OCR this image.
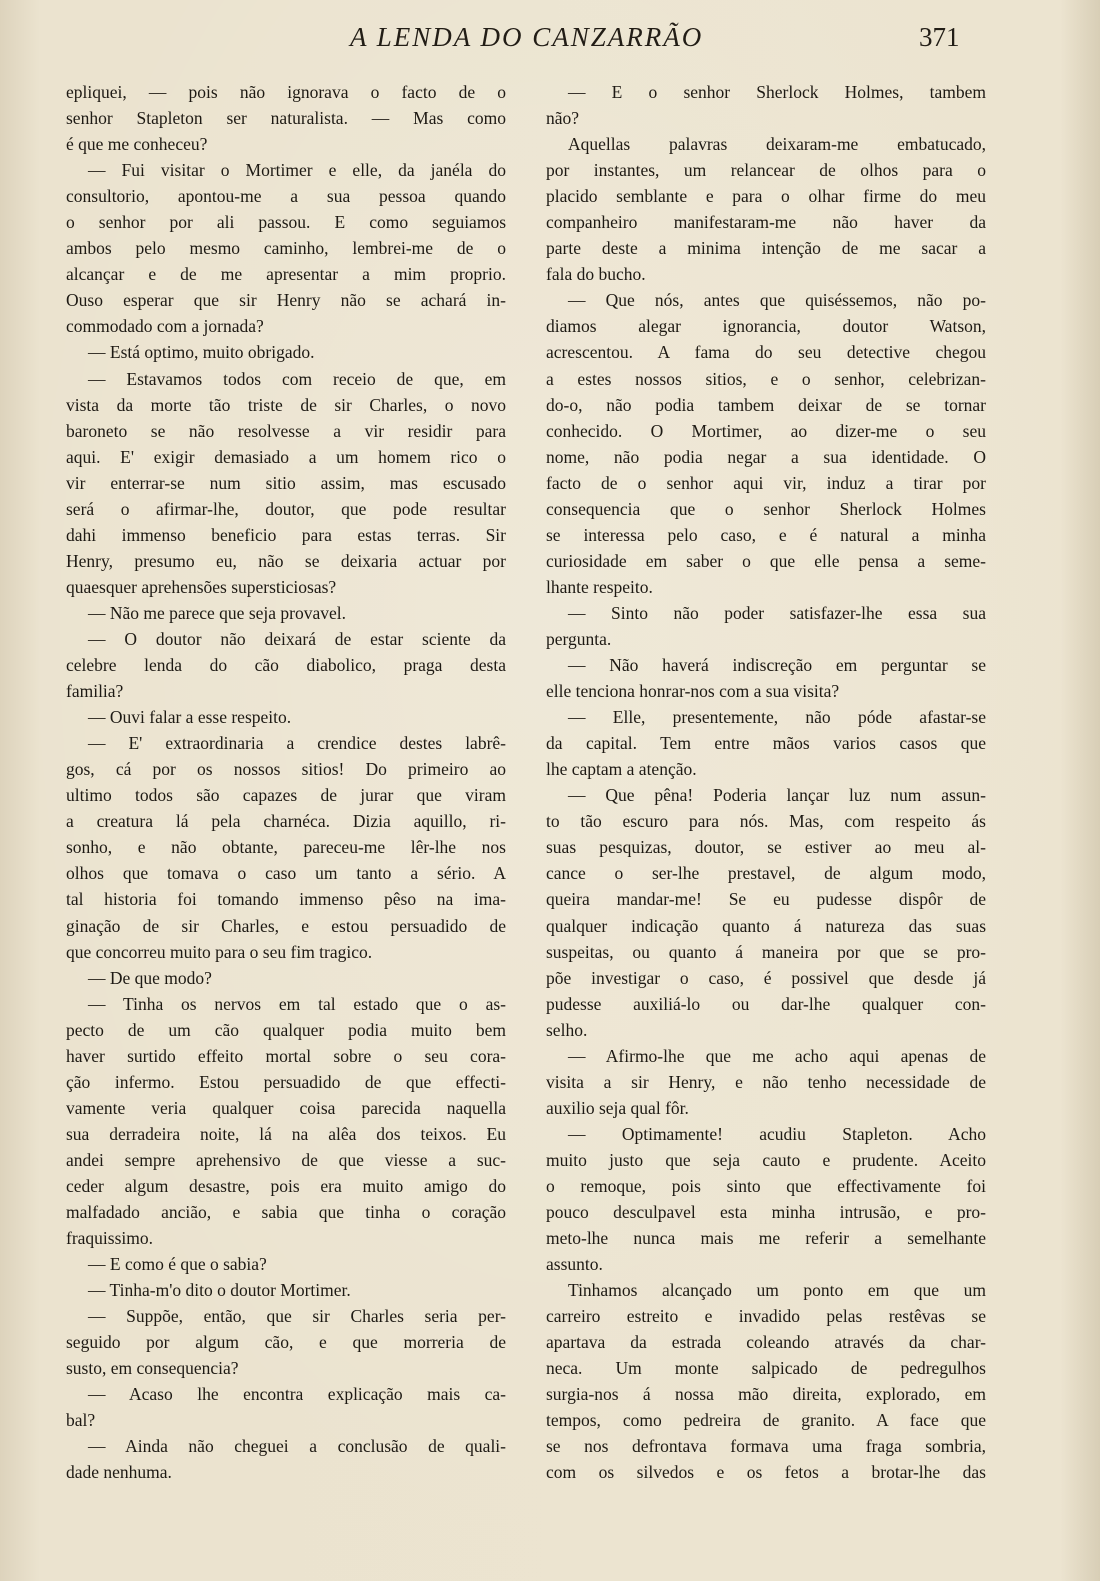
A LENDA DO CANZARRÃO	371
epliquei, — pois não ignorava o facto de o
senhor Stapleton ser naturalista. — Mas como
é que me conheceu?
— Fui visitar o Mortimer e elle, da janéla do
consultorio, apontou-me a sua pessoa quando
o senhor por ali passou. E como seguiamos
ambos pelo mesmo caminho, lembrei-me de o
alcançar e de me apresentar a mim proprio.
Ouso esperar que sir Henry não se achará in-
commodado com a jornada?
— Está optimo, muito obrigado.
— Estavamos todos com receio de que, em
vista da morte tão triste de sir Charles, o novo
baroneto se não resolvesse a vir residir para
aqui. E' exigir demasiado a um homem rico o
vir enterrar-se num sitio assim, mas escusado
será o afirmar-lhe, doutor, que pode resultar
dahi immenso beneficio para estas terras. Sir
Henry, presumo eu, não se deixaria actuar por
quaesquer aprehensões supersticiosas?
— Não me parece que seja provavel.
— O doutor não deixará de estar sciente da
celebre lenda do cão diabolico, praga desta
familia?
— Ouvi falar a esse respeito.
— E' extraordinaria a crendice destes labrê-
gos, cá por os nossos sitios! Do primeiro ao
ultimo todos são capazes de jurar que viram
a creatura lá pela charnéca. Dizia aquillo, ri-
sonho, e não obtante, pareceu-me lêr-lhe nos
olhos que tomava o caso um tanto a sério. A
tal historia foi tomando immenso pêso na ima-
ginação de sir Charles, e estou persuadido de
que concorreu muito para o seu fim tragico.
— De que modo?
— Tinha os nervos em tal estado que o as-
pecto de um cão qualquer podia muito bem
haver surtido effeito mortal sobre o seu cora-
ção infermo. Estou persuadido de que effecti-
vamente veria qualquer coisa parecida naquella
sua derradeira noite, lá na alêa dos teixos. Eu
andei sempre aprehensivo de que viesse a suc-
ceder algum desastre, pois era muito amigo do
malfadado ancião, e sabia que tinha o coração
fraquissimo.
— E como é que o sabia?
— Tinha-m'o dito o doutor Mortimer.
— Suppõe, então, que sir Charles seria per-
seguido por algum cão, e que morreria de
susto, em consequencia?
— Acaso lhe encontra explicação mais ca-
bal?
— Ainda não cheguei a conclusão de quali-
dade nenhuma.
— E o senhor Sherlock Holmes, tambem
não?
Aquellas palavras deixaram-me embatucado,
por instantes, um relancear de olhos para o
placido semblante e para o olhar firme do meu
companheiro manifestaram-me não haver da
parte deste a minima intenção de me sacar a
fala do bucho.
— Que nós, antes que quiséssemos, não po-
diamos alegar ignorancia, doutor Watson,
acrescentou. A fama do seu detective chegou
a estes nossos sitios, e o senhor, celebrizan-
do-o, não podia tambem deixar de se tornar
conhecido. O Mortimer, ao dizer-me o seu
nome, não podia negar a sua identidade. O
facto de o senhor aqui vir, induz a tirar por
consequencia que o senhor Sherlock Holmes
se interessa pelo caso, e é natural a minha
curiosidade em saber o que elle pensa a seme-
lhante respeito.
— Sinto não poder satisfazer-lhe essa sua
pergunta.
— Não haverá indiscreção em perguntar se
elle tenciona honrar-nos com a sua visita?
— Elle, presentemente, não póde afastar-se
da capital. Tem entre mãos varios casos que
lhe captam a atenção.
— Que pêna! Poderia lançar luz num assun-
to tão escuro para nós. Mas, com respeito ás
suas pesquizas, doutor, se estiver ao meu al-
cance o ser-lhe prestavel, de algum modo,
queira mandar-me! Se eu pudesse dispôr de
qualquer indicação quanto á natureza das suas
suspeitas, ou quanto á maneira por que se pro-
põe investigar o caso, é possivel que desde já
pudesse auxiliá-lo ou dar-lhe qualquer con-
selho.
— Afirmo-lhe que me acho aqui apenas de
visita a sir Henry, e não tenho necessidade de
auxilio seja qual fôr.
— Optimamente! acudiu Stapleton. Acho
muito justo que seja cauto e prudente. Aceito
o remoque, pois sinto que effectivamente foi
pouco desculpavel esta minha intrusão, e pro-
meto-lhe nunca mais me referir a semelhante
assunto.
Tinhamos alcançado um ponto em que um
carreiro estreito e invadido pelas restêvas se
apartava da estrada coleando através da char-
neca. Um monte salpicado de pedregulhos
surgia-nos á nossa mão direita, explorado, em
tempos, como pedreira de granito. A face que
se nos defrontava formava uma fraga sombria,
com os silvedos e os fetos a brotar-lhe das
